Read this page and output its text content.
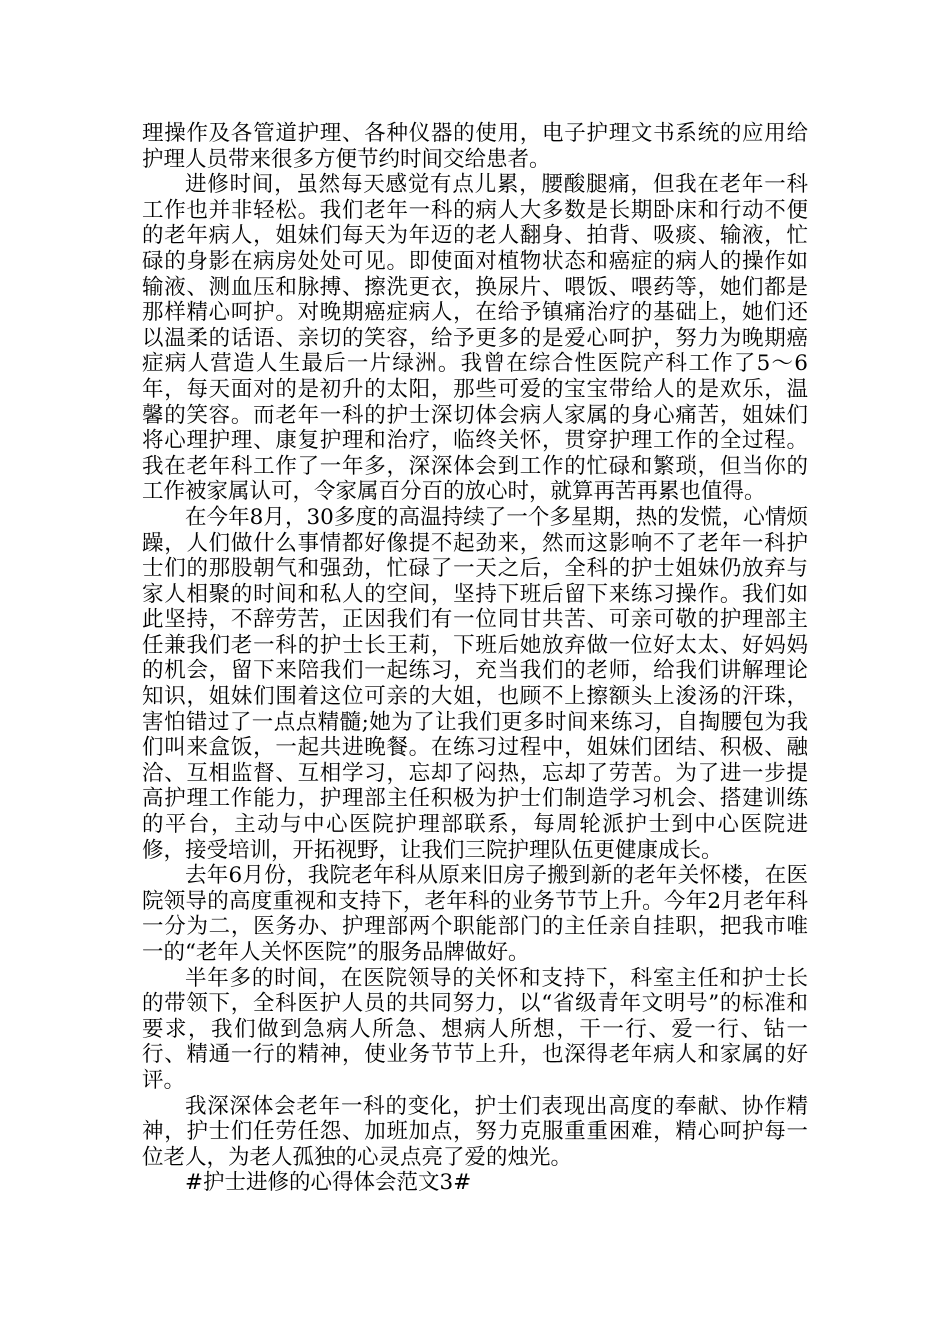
理操作及各管道护理、各种仪器的使用，电子护理文书系统的应用给护理人员带来很多方便节约时间交给患者。

进修时间，虽然每天感觉有点儿累，腰酸腿痛，但我在老年一科工作也并非轻松。我们老年一科的病人大多数是长期卧床和行动不便的老年病人，姐妹们每天为年迈的老人翻身、拍背、吸痰、输液，忙碌的身影在病房处处可见。即使面对植物状态和癌症的病人的操作如输液、测血压和脉搏、擦洗更衣，换尿片、喂饭、喂药等，她们都是那样精心呵护。对晚期癌症病人，在给予镇痛治疗的基础上，她们还以温柔的话语、亲切的笑容，给予更多的是爱心呵护，努力为晚期癌症病人营造人生最后一片绿洲。我曾在综合性医院产科工作了5～6年，每天面对的是初升的太阳，那些可爱的宝宝带给人的是欢乐，温馨的笑容。而老年一科的护士深切体会病人家属的身心痛苦，姐妹们将心理护理、康复护理和治疗，临终关怀，贯穿护理工作的全过程。我在老年科工作了一年多，深深体会到工作的忙碌和繁琐，但当你的工作被家属认可，令家属百分百的放心时，就算再苦再累也值得。

在今年8月，30多度的高温持续了一个多星期，热的发慌，心情烦躁，人们做什么事情都好像提不起劲来，然而这影响不了老年一科护士们的那股朝气和强劲，忙碌了一天之后，全科的护士姐妹仍放弃与家人相聚的时间和私人的空间，坚持下班后留下来练习操作。我们如此坚持，不辞劳苦，正因我们有一位同甘共苦、可亲可敬的护理部主任兼我们老一科的护士长王莉，下班后她放弃做一位好太太、好妈妈的机会，留下来陪我们一起练习，充当我们的老师，给我们讲解理论知识，姐妹们围着这位可亲的大姐，也顾不上擦额头上浚汤的汗珠，害怕错过了一点点精髓;她为了让我们更多时间来练习，自掏腰包为我们叫来盒饭，一起共进晚餐。在练习过程中，姐妹们团结、积极、融洽、互相监督、互相学习，忘却了闷热，忘却了劳苦。为了进一步提高护理工作能力，护理部主任积极为护士们制造学习机会、搭建训练的平台，主动与中心医院护理部联系，每周轮派护士到中心医院进修，接受培训，开拓视野，让我们三院护理队伍更健康成长。

去年6月份，我院老年科从原来旧房子搬到新的老年关怀楼，在医院领导的高度重视和支持下，老年科的业务节节上升。今年2月老年科一分为二，医务办、护理部两个职能部门的主任亲自挂职，把我市唯一的“老年人关怀医院”的服务品牌做好。

半年多的时间，在医院领导的关怀和支持下，科室主任和护士长的带领下，全科医护人员的共同努力，以“省级青年文明号”的标准和要求，我们做到急病人所急、想病人所想，干一行、爱一行、钻一行、精通一行的精神，使业务节节上升，也深得老年病人和家属的好评。

我深深体会老年一科的变化，护士们表现出高度的奉献、协作精神，护士们任劳任怨、加班加点，努力克服重重困难，精心呵护每一位老人，为老人孤独的心灵点亮了爱的烛光。

#护士进修的心得体会范文3#
